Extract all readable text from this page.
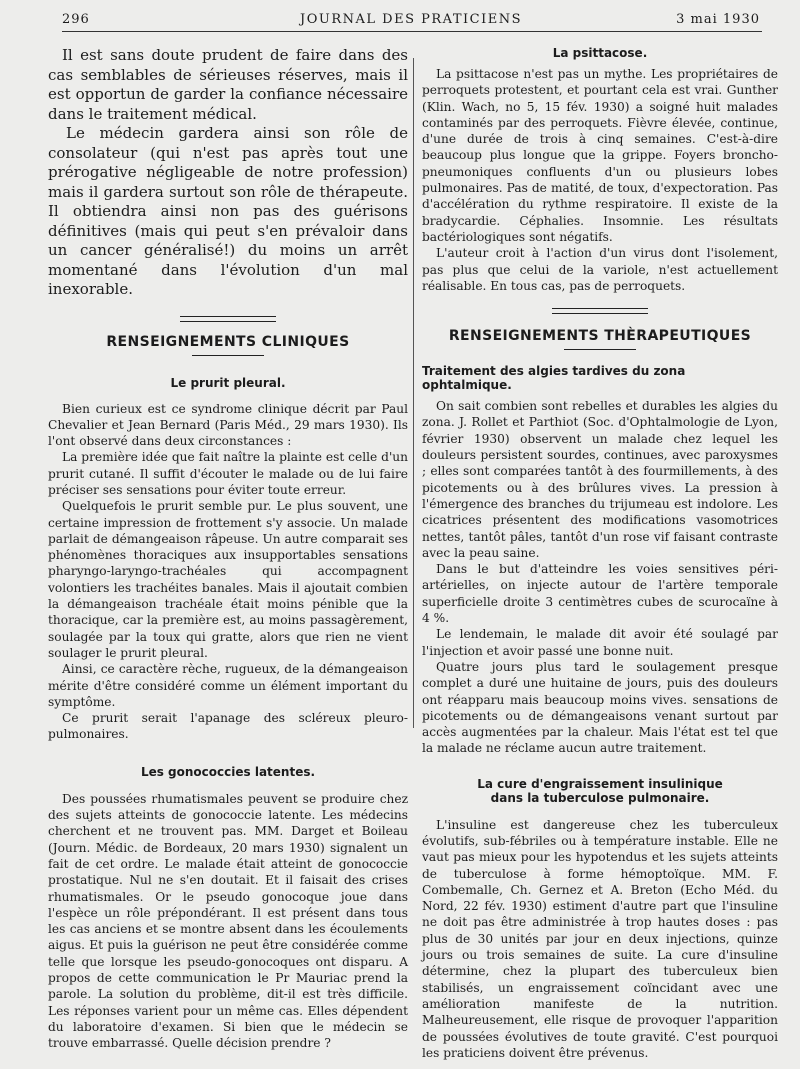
296	JOURNAL DES PRATICIENS	3 mai 1930

Il est sans doute prudent de faire dans des cas semblables de sérieuses réserves, mais il est opportun de garder la confiance nécessaire dans le traitement médical.

Le médecin gardera ainsi son rôle de consolateur (qui n'est pas après tout une prérogative négligeable de notre profession) mais il gardera surtout son rôle de thérapeute. Il obtiendra ainsi non pas des guérisons définitives (mais qui peut s'en prévaloir dans un cancer généralisé!) du moins un arrêt momentané dans l'évolution d'un mal inexorable.

RENSEIGNEMENTS CLINIQUES
Le prurit pleural.

Bien curieux est ce syndrome clinique décrit par Paul Chevalier et Jean Bernard (Paris Méd., 29 mars 1930). Ils l'ont observé dans deux circonstances :

La première idée que fait naître la plainte est celle d'un prurit cutané. Il suffit d'écouter le malade ou de lui faire préciser ses sensations pour éviter toute erreur.

Quelquefois le prurit semble pur. Le plus souvent, une certaine impression de frottement s'y associe. Un malade parlait de démangeaison râpeuse. Un autre comparait ses phénomènes thoraciques aux insupportables sensations pharyngo-laryngo-trachéales qui accompagnent volontiers les trachéites banales. Mais il ajoutait combien la démangeaison trachéale était moins pénible que la thoracique, car la première est, au moins passagèrement, soulagée par la toux qui gratte, alors que rien ne vient soulager le prurit pleural.

Ainsi, ce caractère rèche, rugueux, de la démangeaison mérite d'être considéré comme un élément important du symptôme.

Ce prurit serait l'apanage des scléreux pleuro-pulmonaires.

Les gonococcies latentes.

Des poussées rhumatismales peuvent se produire chez des sujets atteints de gonococcie latente. Les médecins cherchent et ne trouvent pas. MM. Darget et Boileau (Journ. Médic. de Bordeaux, 20 mars 1930) signalent un fait de cet ordre. Le malade était atteint de gonococcie prostatique. Nul ne s'en doutait. Et il faisait des crises rhumatismales. Or le pseudo gonocoque joue dans l'espèce un rôle prépondérant. Il est présent dans tous les cas anciens et se montre absent dans les écoulements aigus. Et puis la guérison ne peut être considérée comme telle que lorsque les pseudo-gonocoques ont disparu. A propos de cette communication le Pr Mauriac prend la parole. La solution du problème, dit-il est très difficile. Les réponses varient pour un même cas. Elles dépendent du laboratoire d'examen. Si bien que le médecin se trouve embarrassé. Quelle décision prendre ?

La psittacose.

La psittacose n'est pas un mythe. Les propriétaires de perroquets protestent, et pourtant cela est vrai. Gunther (Klin. Wach, no 5, 15 fév. 1930) a soigné huit malades contaminés par des perroquets. Fièvre élevée, continue, d'une durée de trois à cinq semaines. C'est-à-dire beaucoup plus longue que la grippe. Foyers broncho-pneumoniques confluents d'un ou plusieurs lobes pulmonaires. Pas de matité, de toux, d'expectoration. Pas d'accélération du rythme respiratoire. Il existe de la bradycardie. Céphalies. Insomnie. Les résultats bactériologiques sont négatifs.

L'auteur croit à l'action d'un virus dont l'isolement, pas plus que celui de la variole, n'est actuellement réalisable. En tous cas, pas de perroquets.

RENSEIGNEMENTS THÈRAPEUTIQUES
Traitement des algies tardives du zona ophtalmique.

On sait combien sont rebelles et durables les algies du zona. J. Rollet et Parthiot (Soc. d'Ophtalmologie de Lyon, février 1930) observent un malade chez lequel les douleurs persistent sourdes, continues, avec paroxysmes ; elles sont comparées tantôt à des fourmillements, à des picotements ou à des brûlures vives. La pression à l'émergence des branches du trijumeau est indolore. Les cicatrices présentent des modifications vasomotrices nettes, tantôt pâles, tantôt d'un rose vif faisant contraste avec la peau saine.

Dans le but d'atteindre les voies sensitives péri-artérielles, on injecte autour de l'artère temporale superficielle droite 3 centimètres cubes de scurocaïne à 4 %.

Le lendemain, le malade dit avoir été soulagé par l'injection et avoir passé une bonne nuit.

Quatre jours plus tard le soulagement presque complet a duré une huitaine de jours, puis des douleurs ont réapparu mais beaucoup moins vives. sensations de picotements ou de démangeaisons venant surtout par accès augmentées par la chaleur. Mais l'état est tel que la malade ne réclame aucun autre traitement.

La cure d'engraissement insulinique
dans la tuberculose pulmonaire.

L'insuline est dangereuse chez les tuberculeux évolutifs, sub-fébriles ou à température instable. Elle ne vaut pas mieux pour les hypotendus et les sujets atteints de tuberculose à forme hémoptoïque. MM. F. Combemalle, Ch. Gernez et A. Breton (Echo Méd. du Nord, 22 fév. 1930) estiment d'autre part que l'insuline ne doit pas être administrée à trop hautes doses : pas plus de 30 unités par jour en deux injections, quinze jours ou trois semaines de suite. La cure d'insuline détermine, chez la plupart des tuberculeux bien stabilisés, un engraissement coïncidant avec une amélioration manifeste de la nutrition. Malheureusement, elle risque de provoquer l'apparition de poussées évolutives de toute gravité. C'est pourquoi les praticiens doivent être prévenus.
